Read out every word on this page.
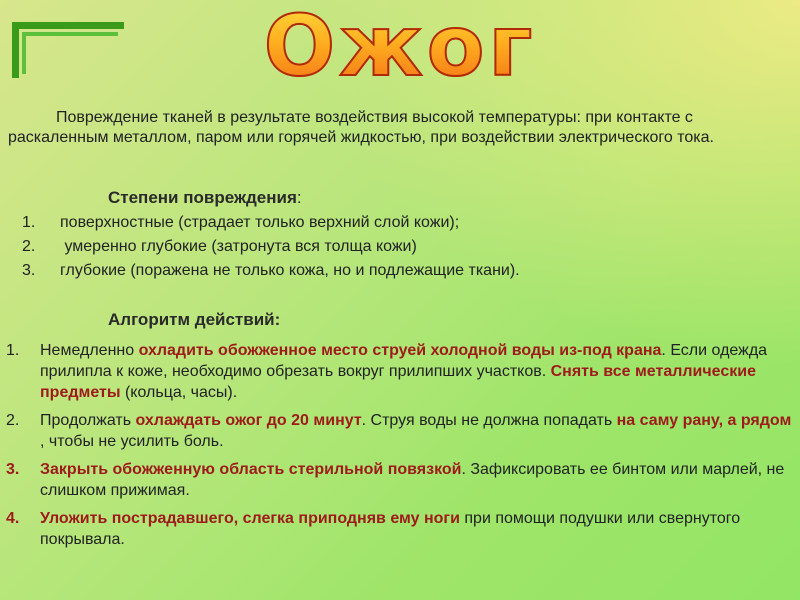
Ожог

Повреждение тканей в результате воздействия высокой температуры: при контакте с раскаленным металлом, паром или горячей жидкостью, при воздействии электрического тока.

Степени повреждения:
1. поверхностные (страдает только верхний слой кожи);
2. умеренно глубокие (затронута вся толща кожи)
3. глубокие (поражена не только кожа, но и подлежащие ткани).
Алгоритм действий:
1. Немедленно охладить обожженное место струей холодной воды из-под крана. Если одежда прилипла к коже, необходимо обрезать вокруг прилипших участков. Снять все металлические предметы (кольца, часы).
2. Продолжать охлаждать ожог до 20 минут. Струя воды не должна попадать на саму рану, а рядом , чтобы не усилить боль.
3. Закрыть обожженную область стерильной повязкой. Зафиксировать ее бинтом или марлей, не слишком прижимая.
4. Уложить пострадавшего, слегка приподняв ему ноги при помощи подушки или свернутого покрывала.
